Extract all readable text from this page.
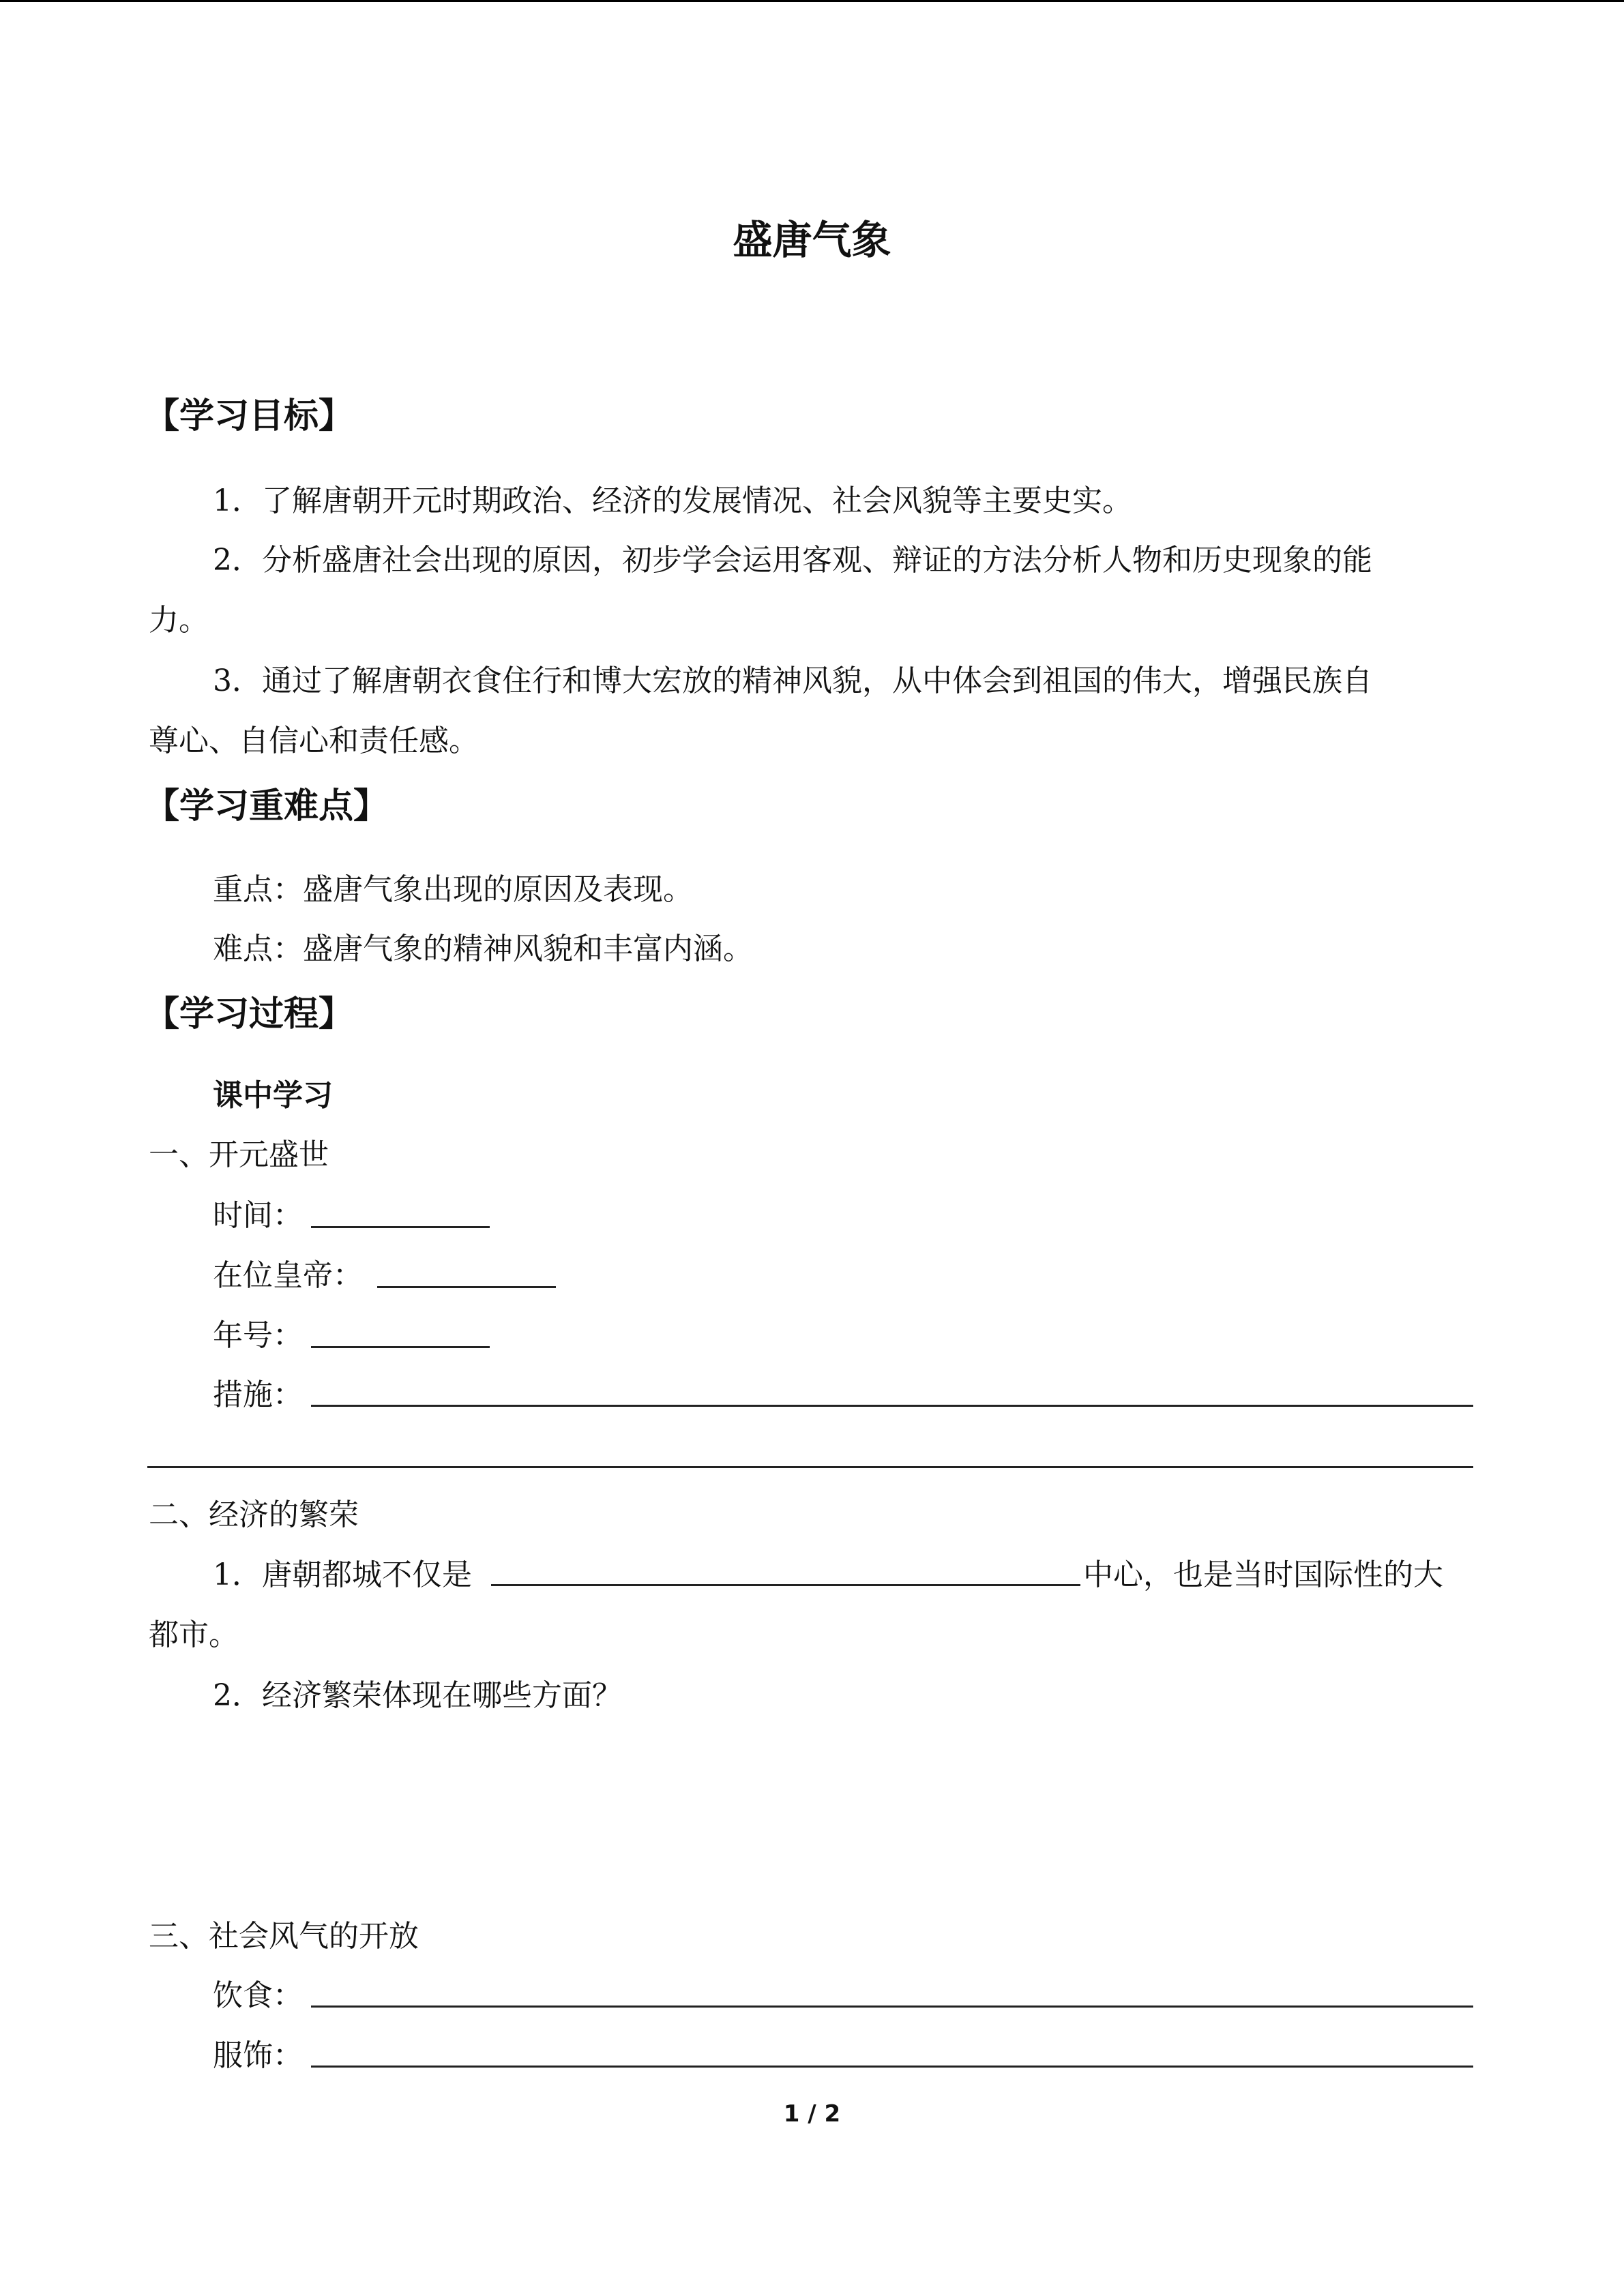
盛唐气象
【学习目标】
1．了解唐朝开元时期政治、经济的发展情况、社会风貌等主要史实。
2．分析盛唐社会出现的原因，初步学会运用客观、辩证的方法分析人物和历史现象的能
力。
3．通过了解唐朝衣食住行和博大宏放的精神风貌，从中体会到祖国的伟大，增强民族自
尊心、自信心和责任感。
【学习重难点】
重点：盛唐气象出现的原因及表现。
难点：盛唐气象的精神风貌和丰富内涵。
【学习过程】
课中学习
一、开元盛世
时间：
在位皇帝：
年号：
措施：
二、经济的繁荣
1．唐朝都城不仅是	中心，也是当时国际性的大
都市。
2．经济繁荣体现在哪些方面？
三、社会风气的开放
饮食：
服饰：
1 / 2
